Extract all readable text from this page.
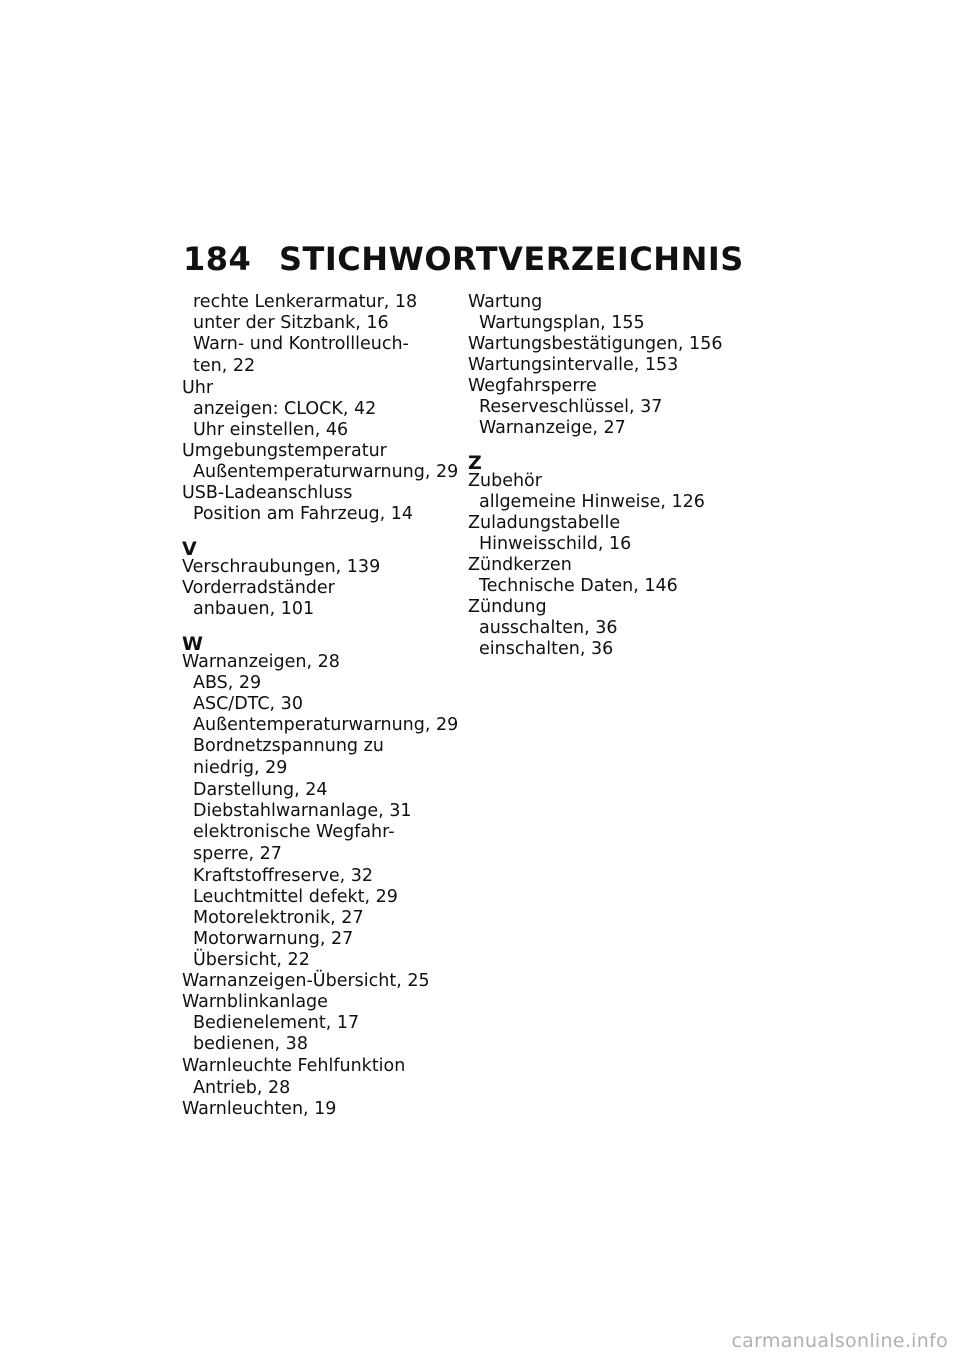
184 STICHWORTVERZEICHNIS
rechte Lenkerarmatur, 18
unter der Sitzbank, 16
Warn- und Kontrollleuch-
ten, 22
Uhr
anzeigen: CLOCK, 42
Uhr einstellen, 46
Umgebungstemperatur
Außentemperaturwarnung, 29
USB-Ladeanschluss
Position am Fahrzeug, 14
V
Verschraubungen, 139
Vorderradständer
anbauen, 101
W
Warnanzeigen, 28
ABS, 29
ASC/DTC, 30
Außentemperaturwarnung, 29
Bordnetzspannung zu
niedrig, 29
Darstellung, 24
Diebstahlwarnanlage, 31
elektronische Wegfahr-
sperre, 27
Kraftstoffreserve, 32
Leuchtmittel defekt, 29
Motorelektronik, 27
Motorwarnung, 27
Übersicht, 22
Warnanzeigen-Übersicht, 25
Warnblinkanlage
Bedienelement, 17
bedienen, 38
Warnleuchte Fehlfunktion
Antrieb, 28
Warnleuchten, 19
Wartung
Wartungsplan, 155
Wartungsbestätigungen, 156
Wartungsintervalle, 153
Wegfahrsperre
Reserveschlüssel, 37
Warnanzeige, 27
Z
Zubehör
allgemeine Hinweise, 126
Zuladungstabelle
Hinweisschild, 16
Zündkerzen
Technische Daten, 146
Zündung
ausschalten, 36
einschalten, 36
carmanualsonline.info
